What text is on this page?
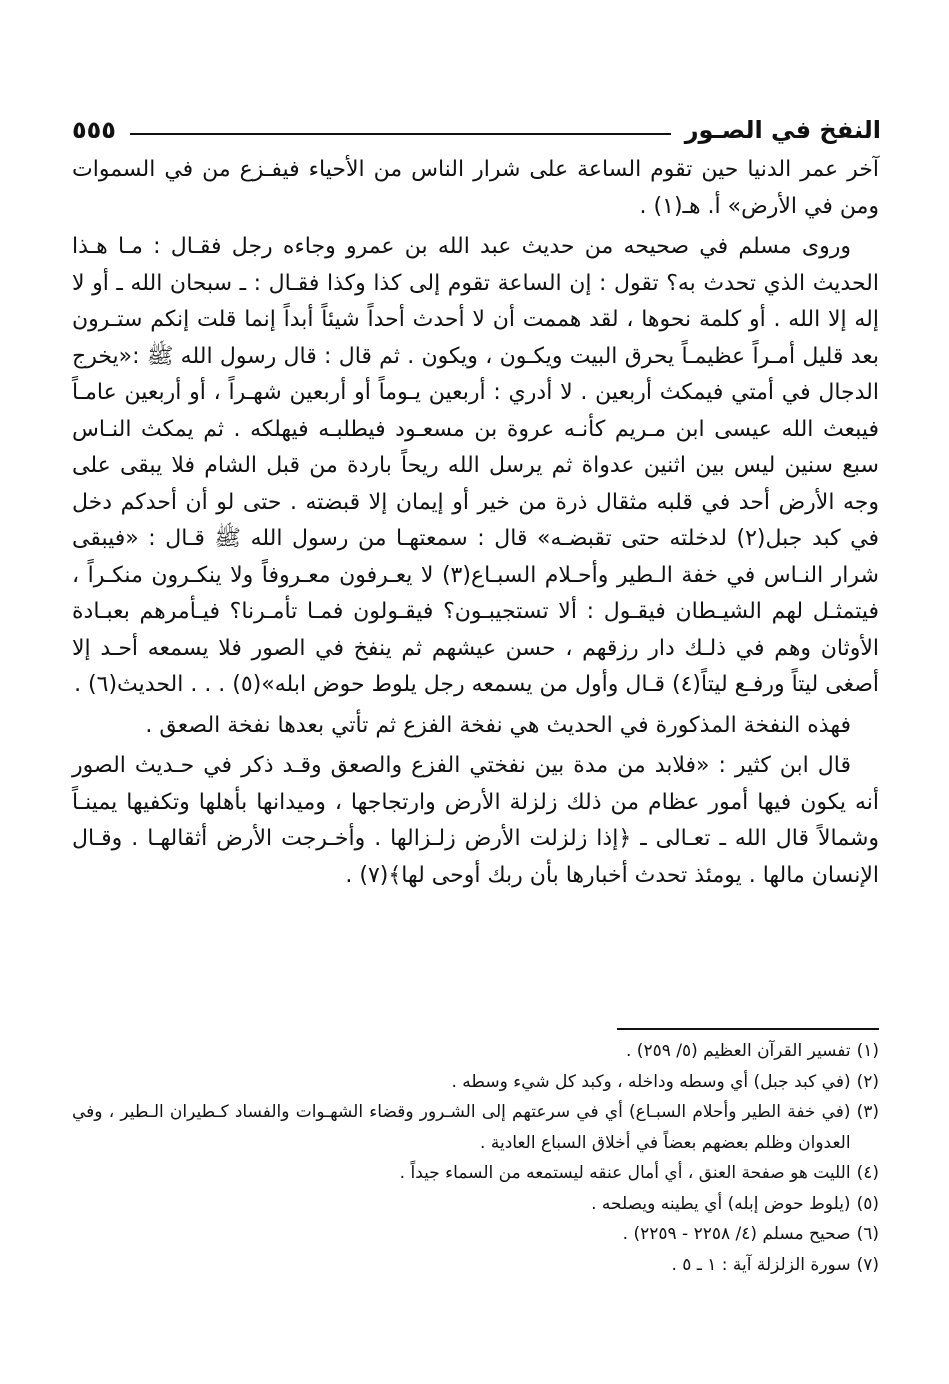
النفخ في الصـور
٥٥٥

آخر عمر الدنيا حين تقوم الساعة على شرار الناس من الأحياء فيفـزع من في السموات ومن في الأرض» أ. هـ(١) .

وروى مسلم في صحيحه من حديث عبد الله بن عمرو وجاءه رجل فقـال : مـا هـذا الحديث الذي تحدث به؟ تقول : إن الساعة تقوم إلى كذا وكذا فقـال : ـ سبحان الله ـ أو لا إله إلا الله . أو كلمة نحوها ، لقد هممت أن لا أحدث أحداً شيئاً أبداً إنما قلت إنكم ستـرون بعد قليل أمـراً عظيمـاً يحرق البيت ويكـون ، ويكون . ثم قال : قال رسول الله ﷺ :«يخرج الدجال في أمتي فيمكث أربعين . لا أدري : أربعين يـوماً أو أربعين شهـراً ، أو أربعين عامـاً فيبعث الله عيسى ابن مـريم كأنـه عروة بن مسعـود فيطلبـه فيهلكه . ثم يمكث النـاس سبع سنين ليس بين اثنين عدواة ثم يرسل الله ريحاً باردة من قبل الشام فلا يبقى على وجه الأرض أحد في قلبه مثقال ذرة من خير أو إيمان إلا قبضته . حتى لو أن أحدكم دخل في كبد جبل(٢) لدخلته حتى تقبضـه» قال : سمعتهـا من رسول الله ﷺ قـال : «فيبقى شرار النـاس في خفة الـطير وأحـلام السبـاع(٣) لا يعـرفون معـروفاً ولا ينكـرون منكـراً ، فيتمثـل لهم الشيـطان فيقـول : ألا تستجيبـون؟ فيقـولون فمـا تأمـرنا؟ فيـأمرهم بعبـادة الأوثان وهم في ذلـك دار رزقهم ، حسن عيشهم ثم ينفخ في الصور فلا يسمعه أحـد إلا أصغى ليتاً ورفـع ليتاً(٤) قـال وأول من يسمعه رجل يلوط حوض ابله»(٥) . . . الحديث(٦) .

فهذه النفخة المذكورة في الحديث هي نفخة الفزع ثم تأتي بعدها نفخة الصعق .

قال ابن كثير : «فلابد من مدة بين نفختي الفزع والصعق وقـد ذكر في حـديث الصور أنه يكون فيها أمور عظام من ذلك زلزلة الأرض وارتجاجها ، وميدانها بأهلها وتكفيها يمينـاً وشمالاً قال الله ـ تعـالى ـ ﴿إذا زلزلت الأرض زلـزالها . وأخـرجت الأرض أثقالهـا . وقـال الإنسان مالها . يومئذ تحدث أخبارها بأن ربك أوحى لها﴾(٧) .

(١)
تفسير القرآن العظيم (٥/ ٢٥٩) .
(٢)
(في كبد جبل) أي وسطه وداخله ، وكبد كل شيء وسطه .
(٣)
(في خفة الطير وأحلام السبـاع) أي في سرعتهم إلى الشـرور وقضاء الشهـوات والفساد كـطيران الـطير ، وفي العدوان وظلم بعضهم بعضاً في أخلاق السباع العادية .
(٤)
الليت هو صفحة العنق ، أي أمال عنقه ليستمعه من السماء جيداً .
(٥)
(يلوط حوض إبله) أي يطينه ويصلحه .
(٦)
صحيح مسلم (٤/ ٢٢٥٨ - ٢٢٥٩) .
(٧)
سورة الزلزلة آية : ١ ـ ٥ .
